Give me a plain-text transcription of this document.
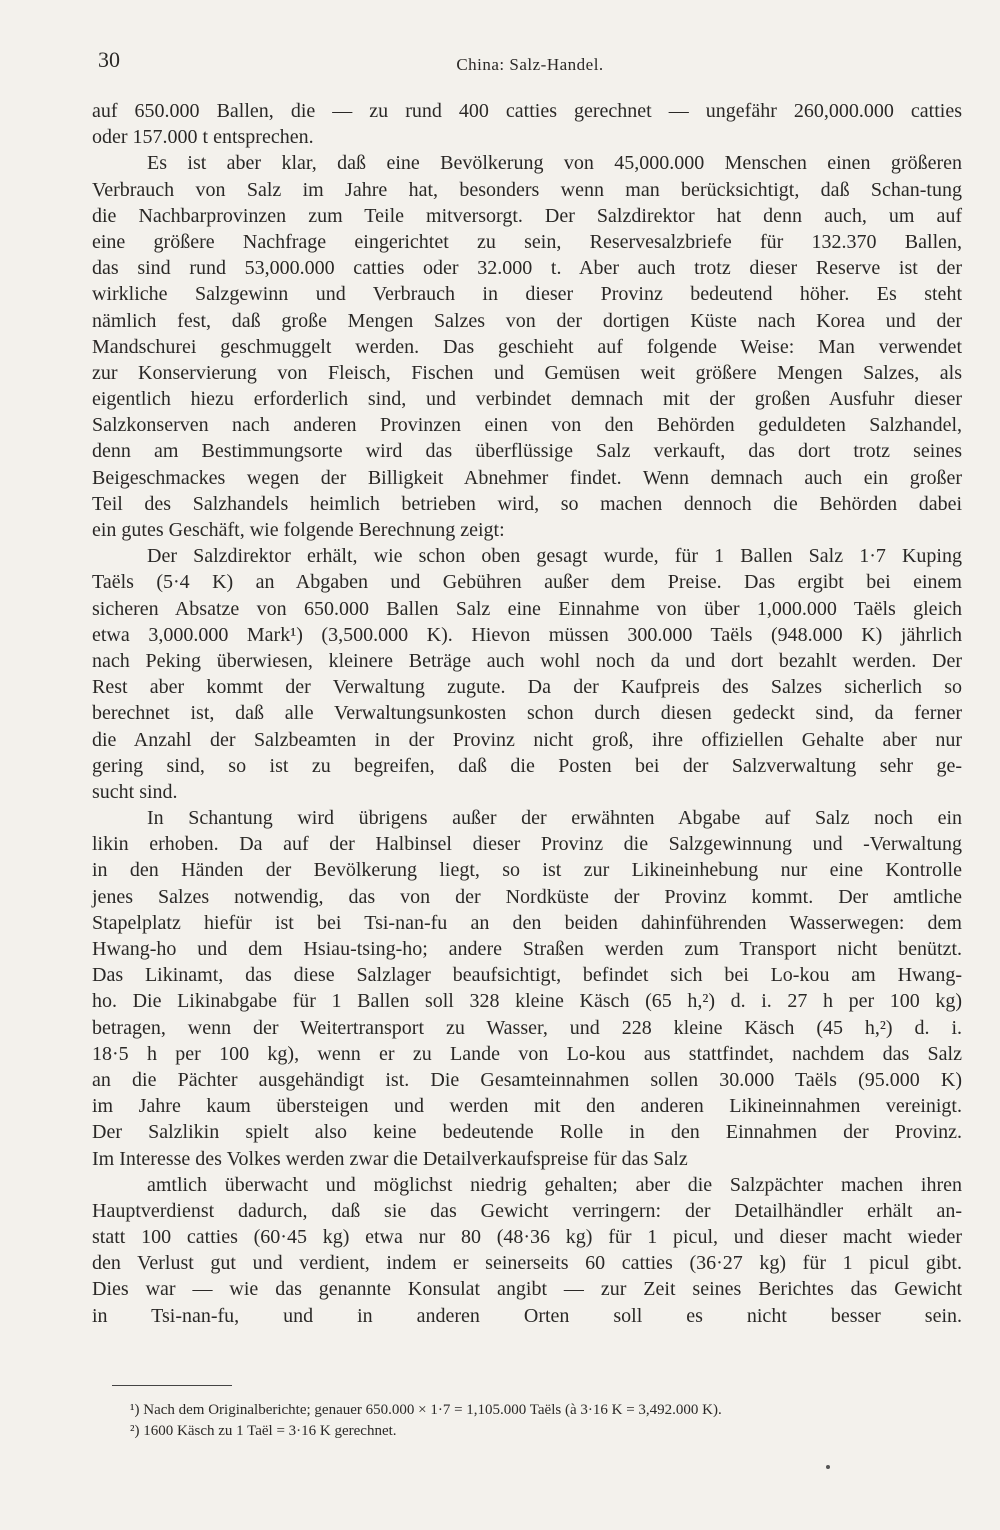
30	China: Salz-Handel.
auf 650.000 Ballen, die — zu rund 400 catties gerechnet — ungefähr 260,000.000 catties
oder 157.000 t entsprechen.
Es ist aber klar, daß eine Bevölkerung von 45,000.000 Menschen einen größeren
Verbrauch von Salz im Jahre hat, besonders wenn man berücksichtigt, daß Schan-tung
die Nachbarprovinzen zum Teile mitversorgt. Der Salzdirektor hat denn auch, um auf
eine größere Nachfrage eingerichtet zu sein, Reservesalzbriefe für 132.370 Ballen,
das sind rund 53,000.000 catties oder 32.000 t. Aber auch trotz dieser Reserve ist der
wirkliche Salzgewinn und Verbrauch in dieser Provinz bedeutend höher. Es steht
nämlich fest, daß große Mengen Salzes von der dortigen Küste nach Korea und der
Mandschurei geschmuggelt werden. Das geschieht auf folgende Weise: Man verwendet
zur Konservierung von Fleisch, Fischen und Gemüsen weit größere Mengen Salzes, als
eigentlich hiezu erforderlich sind, und verbindet demnach mit der großen Ausfuhr dieser
Salzkonserven nach anderen Provinzen einen von den Behörden geduldeten Salzhandel,
denn am Bestimmungsorte wird das überflüssige Salz verkauft, das dort trotz seines
Beigeschmackes wegen der Billigkeit Abnehmer findet. Wenn demnach auch ein großer
Teil des Salzhandels heimlich betrieben wird, so machen dennoch die Behörden dabei
ein gutes Geschäft, wie folgende Berechnung zeigt:
Der Salzdirektor erhält, wie schon oben gesagt wurde, für 1 Ballen Salz 1·7 Kuping
Taëls (5·4 K) an Abgaben und Gebühren außer dem Preise. Das ergibt bei einem
sicheren Absatze von 650.000 Ballen Salz eine Einnahme von über 1,000.000 Taëls gleich
etwa 3,000.000 Mark¹) (3,500.000 K). Hievon müssen 300.000 Taëls (948.000 K) jährlich
nach Peking überwiesen, kleinere Beträge auch wohl noch da und dort bezahlt werden. Der
Rest aber kommt der Verwaltung zugute. Da der Kaufpreis des Salzes sicherlich so
berechnet ist, daß alle Verwaltungsunkosten schon durch diesen gedeckt sind, da ferner
die Anzahl der Salzbeamten in der Provinz nicht groß, ihre offiziellen Gehalte aber nur
gering sind, so ist zu begreifen, daß die Posten bei der Salzverwaltung sehr ge-
sucht sind.
In Schantung wird übrigens außer der erwähnten Abgabe auf Salz noch ein
likin erhoben. Da auf der Halbinsel dieser Provinz die Salzgewinnung und -Verwaltung
in den Händen der Bevölkerung liegt, so ist zur Likineinhebung nur eine Kontrolle
jenes Salzes notwendig, das von der Nordküste der Provinz kommt. Der amtliche
Stapelplatz hiefür ist bei Tsi-nan-fu an den beiden dahinführenden Wasserwegen: dem
Hwang-ho und dem Hsiau-tsing-ho; andere Straßen werden zum Transport nicht benützt.
Das Likinamt, das diese Salzlager beaufsichtigt, befindet sich bei Lo-kou am Hwang-
ho. Die Likinabgabe für 1 Ballen soll 328 kleine Käsch (65 h,²) d. i. 27 h per 100 kg)
betragen, wenn der Weitertransport zu Wasser, und 228 kleine Käsch (45 h,²) d. i.
18·5 h per 100 kg), wenn er zu Lande von Lo-kou aus stattfindet, nachdem das Salz
an die Pächter ausgehändigt ist. Die Gesamteinnahmen sollen 30.000 Taëls (95.000 K)
im Jahre kaum übersteigen und werden mit den anderen Likineinnahmen vereinigt.
Der Salzlikin spielt also keine bedeutende Rolle in den Einnahmen der Provinz.
Im Interesse des Volkes werden zwar die Detailverkaufspreise für das Salz
amtlich überwacht und möglichst niedrig gehalten; aber die Salzpächter machen ihren
Hauptverdienst dadurch, daß sie das Gewicht verringern: der Detailhändler erhält an-
statt 100 catties (60·45 kg) etwa nur 80 (48·36 kg) für 1 picul, und dieser macht wieder
den Verlust gut und verdient, indem er seinerseits 60 catties (36·27 kg) für 1 picul gibt.
Dies war — wie das genannte Konsulat angibt — zur Zeit seines Berichtes das Gewicht
in Tsi-nan-fu, und in anderen Orten soll es nicht besser sein.
¹) Nach dem Originalberichte; genauer 650.000 × 1·7 = 1,105.000 Taëls (à 3·16 K = 3,492.000 K).
²) 1600 Käsch zu 1 Taël = 3·16 K gerechnet.
